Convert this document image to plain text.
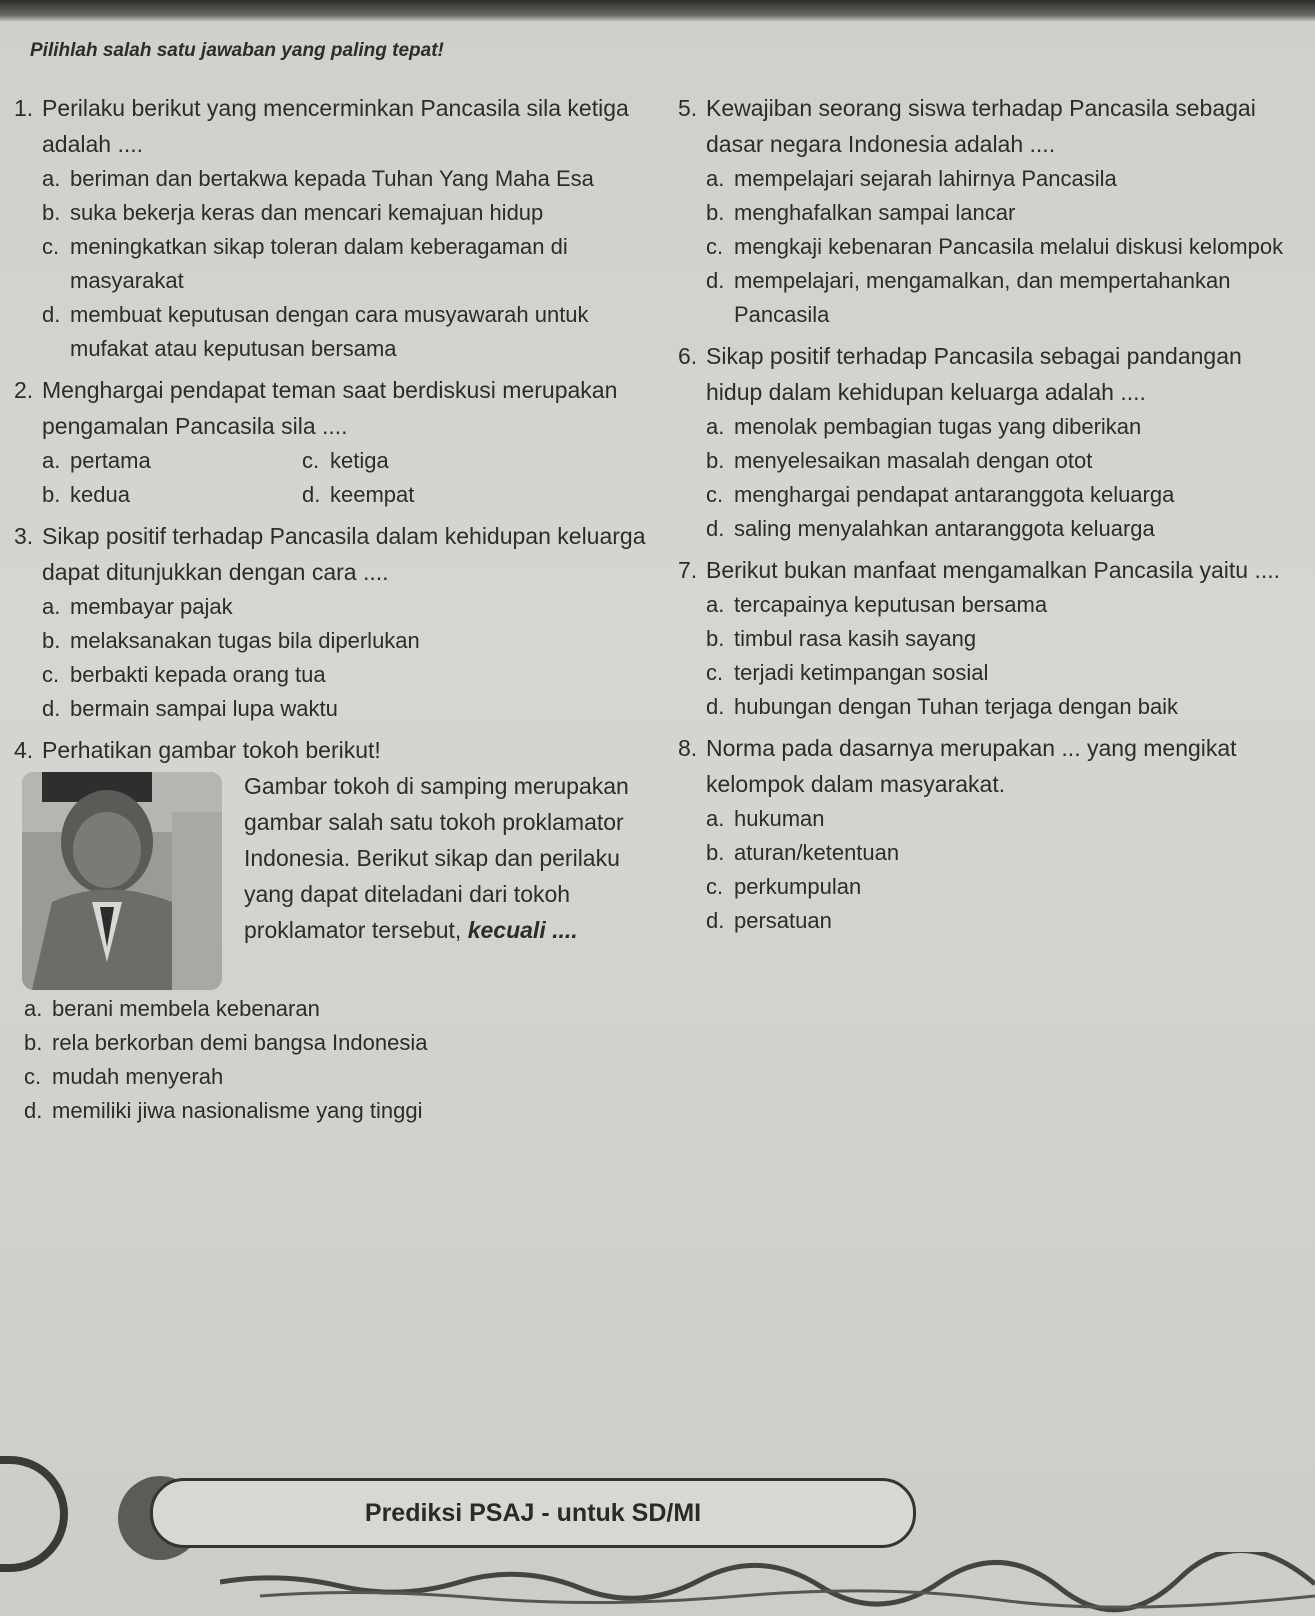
Pilihlah salah satu jawaban yang paling tepat!
1. Perilaku berikut yang mencerminkan Pancasila sila ketiga adalah ....
a. beriman dan bertakwa kepada Tuhan Yang Maha Esa
b. suka bekerja keras dan mencari kemajuan hidup
c. meningkatkan sikap toleran dalam keberagaman di masyarakat
d. membuat keputusan dengan cara musyawarah untuk mufakat atau keputusan bersama
2. Menghargai pendapat teman saat berdiskusi merupakan pengamalan Pancasila sila ....
a. pertama	c. ketiga
b. kedua	d. keempat
3. Sikap positif terhadap Pancasila dalam kehidupan keluarga dapat ditunjukkan dengan cara ....
a. membayar pajak
b. melaksanakan tugas bila diperlukan
c. berbakti kepada orang tua
d. bermain sampai lupa waktu
4. Perhatikan gambar tokoh berikut!
Gambar tokoh di samping merupakan gambar salah satu tokoh proklamator Indonesia. Berikut sikap dan perilaku yang dapat diteladani dari tokoh proklamator tersebut, kecuali ....
a. berani membela kebenaran
b. rela berkorban demi bangsa Indonesia
c. mudah menyerah
d. memiliki jiwa nasionalisme yang tinggi
5. Kewajiban seorang siswa terhadap Pancasila sebagai dasar negara Indonesia adalah ....
a. mempelajari sejarah lahirnya Pancasila
b. menghafalkan sampai lancar
c. mengkaji kebenaran Pancasila melalui diskusi kelompok
d. mempelajari, mengamalkan, dan mempertahankan Pancasila
6. Sikap positif terhadap Pancasila sebagai pandangan hidup dalam kehidupan keluarga adalah ....
a. menolak pembagian tugas yang diberikan
b. menyelesaikan masalah dengan otot
c. menghargai pendapat antaranggota keluarga
d. saling menyalahkan antaranggota keluarga
7. Berikut bukan manfaat mengamalkan Pancasila yaitu ....
a. tercapainya keputusan bersama
b. timbul rasa kasih sayang
c. terjadi ketimpangan sosial
d. hubungan dengan Tuhan terjaga dengan baik
8. Norma pada dasarnya merupakan ... yang mengikat kelompok dalam masyarakat.
a. hukuman
b. aturan/ketentuan
c. perkumpulan
d. persatuan
Prediksi PSAJ - untuk SD/MI
